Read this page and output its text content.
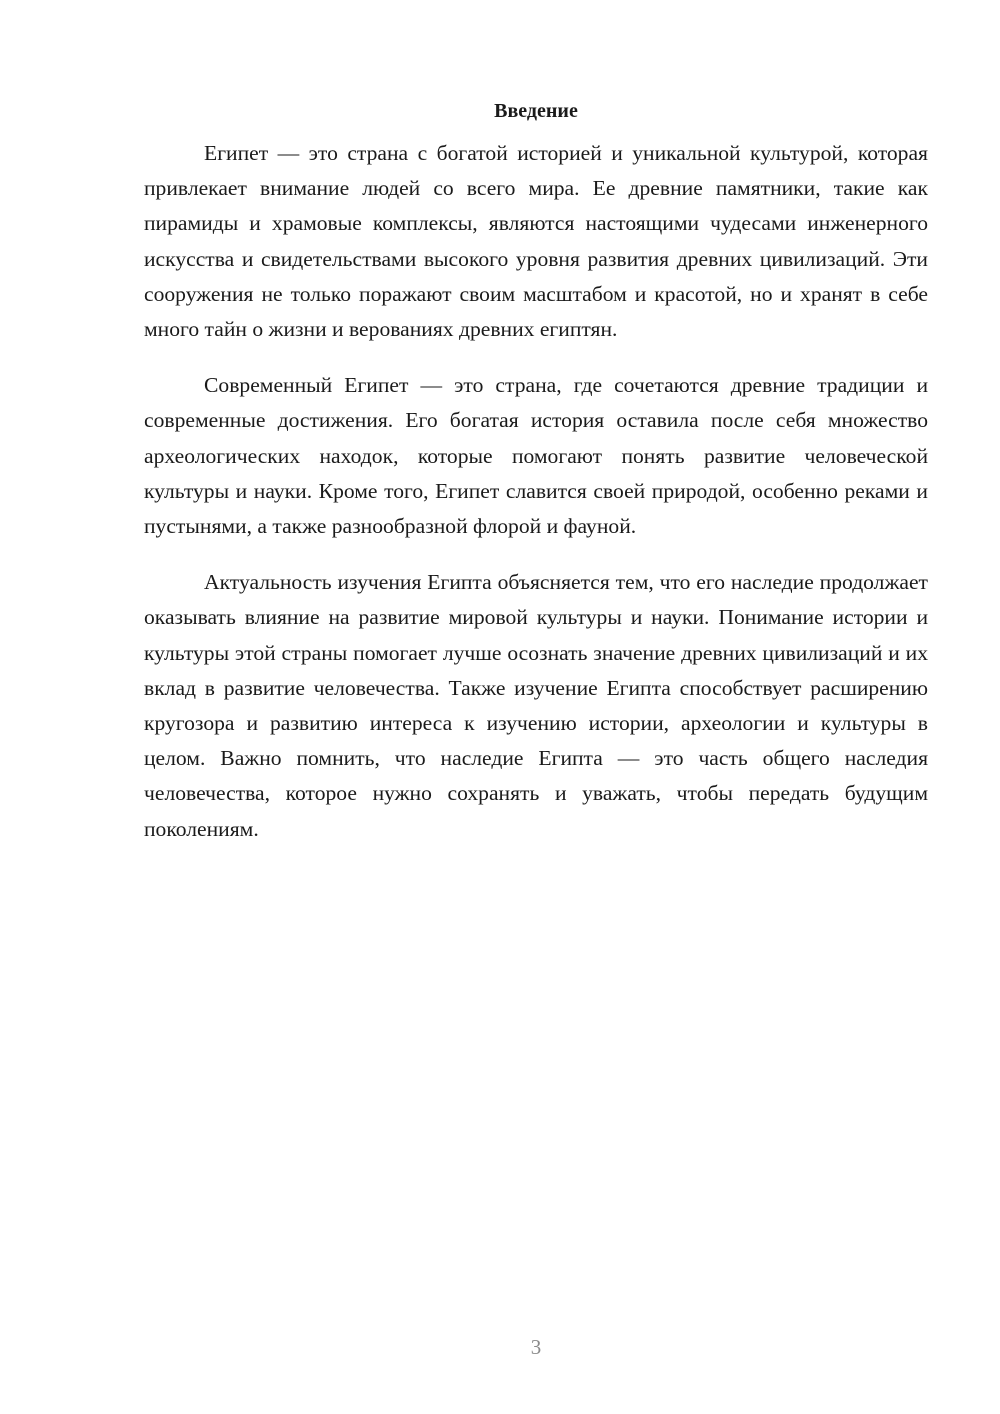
Введение

Египет — это страна с богатой историей и уникальной культурой, которая привлекает внимание людей со всего мира. Ее древние памятники, такие как пирамиды и храмовые комплексы, являются настоящими чудесами инженерного искусства и свидетельствами высокого уровня развития древних цивилизаций. Эти сооружения не только поражают своим масштабом и красотой, но и хранят в себе много тайн о жизни и верованиях древних египтян.

Современный Египет — это страна, где сочетаются древние традиции и современные достижения. Его богатая история оставила после себя множество археологических находок, которые помогают понять развитие человеческой культуры и науки. Кроме того, Египет славится своей природой, особенно реками и пустынями, а также разнообразной флорой и фауной.

Актуальность изучения Египта объясняется тем, что его наследие продолжает оказывать влияние на развитие мировой культуры и науки. Понимание истории и культуры этой страны помогает лучше осознать значение древних цивилизаций и их вклад в развитие человечества. Также изучение Египта способствует расширению кругозора и развитию интереса к изучению истории, археологии и культуры в целом. Важно помнить, что наследие Египта — это часть общего наследия человечества, которое нужно сохранять и уважать, чтобы передать будущим поколениям.

3
